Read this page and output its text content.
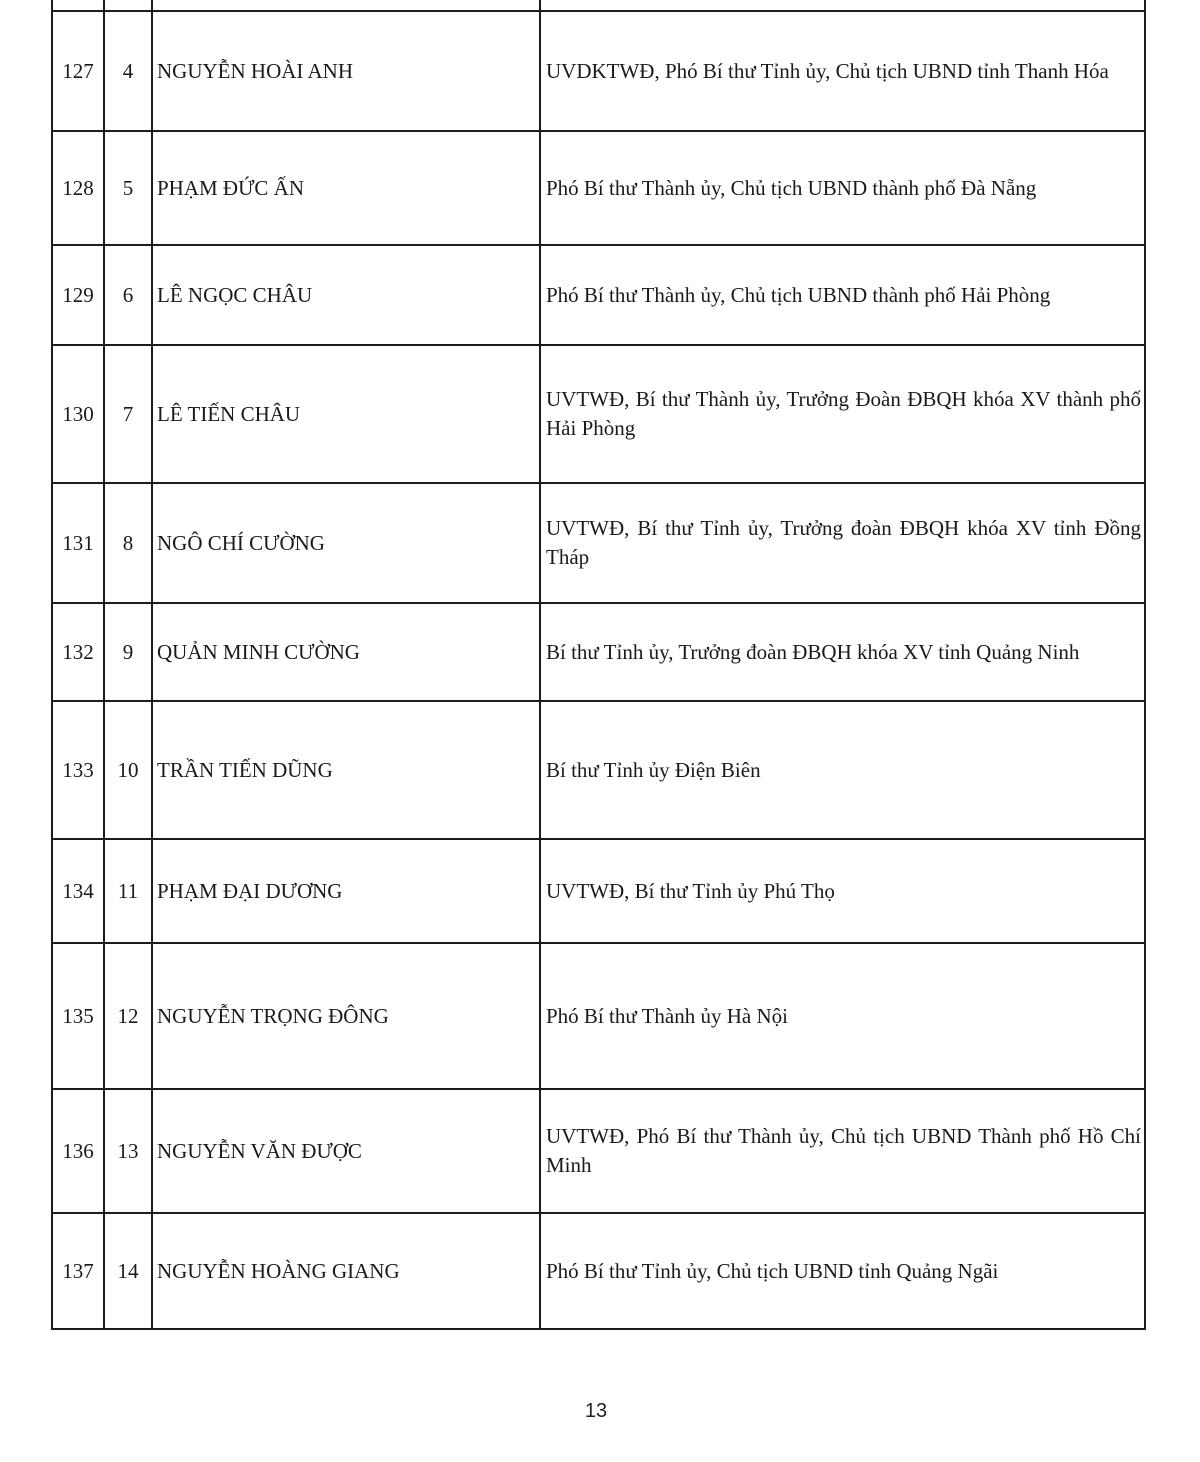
127	4	NGUYỄN HOÀI ANH	UVDKTWĐ, Phó Bí thư Tỉnh ủy, Chủ tịch UBND tỉnh Thanh Hóa
128	5	PHẠM ĐỨC ẤN	Phó Bí thư Thành ủy, Chủ tịch UBND thành phố Đà Nẵng
129	6	LÊ NGỌC CHÂU	Phó Bí thư Thành ủy, Chủ tịch UBND thành phố Hải Phòng
130	7	LÊ TIẾN CHÂU	UVTWĐ, Bí thư Thành ủy, Trưởng Đoàn ĐBQH khóa XV thành phố Hải Phòng
131	8	NGÔ CHÍ CƯỜNG	UVTWĐ, Bí thư Tỉnh ủy, Trưởng đoàn ĐBQH khóa XV tỉnh Đồng Tháp
132	9	QUẢN MINH CƯỜNG	Bí thư Tỉnh ủy, Trưởng đoàn ĐBQH khóa XV tỉnh Quảng Ninh
133	10	TRẦN TIẾN DŨNG	Bí thư Tỉnh ủy Điện Biên
134	11	PHẠM ĐẠI DƯƠNG	UVTWĐ, Bí thư Tỉnh ủy Phú Thọ
135	12	NGUYỄN TRỌNG ĐÔNG	Phó Bí thư Thành ủy Hà Nội
136	13	NGUYỄN VĂN ĐƯỢC	UVTWĐ, Phó Bí thư Thành ủy, Chủ tịch UBND Thành phố Hồ Chí Minh
137	14	NGUYỄN HOÀNG GIANG	Phó Bí thư Tỉnh ủy, Chủ tịch UBND tỉnh Quảng Ngãi
13
